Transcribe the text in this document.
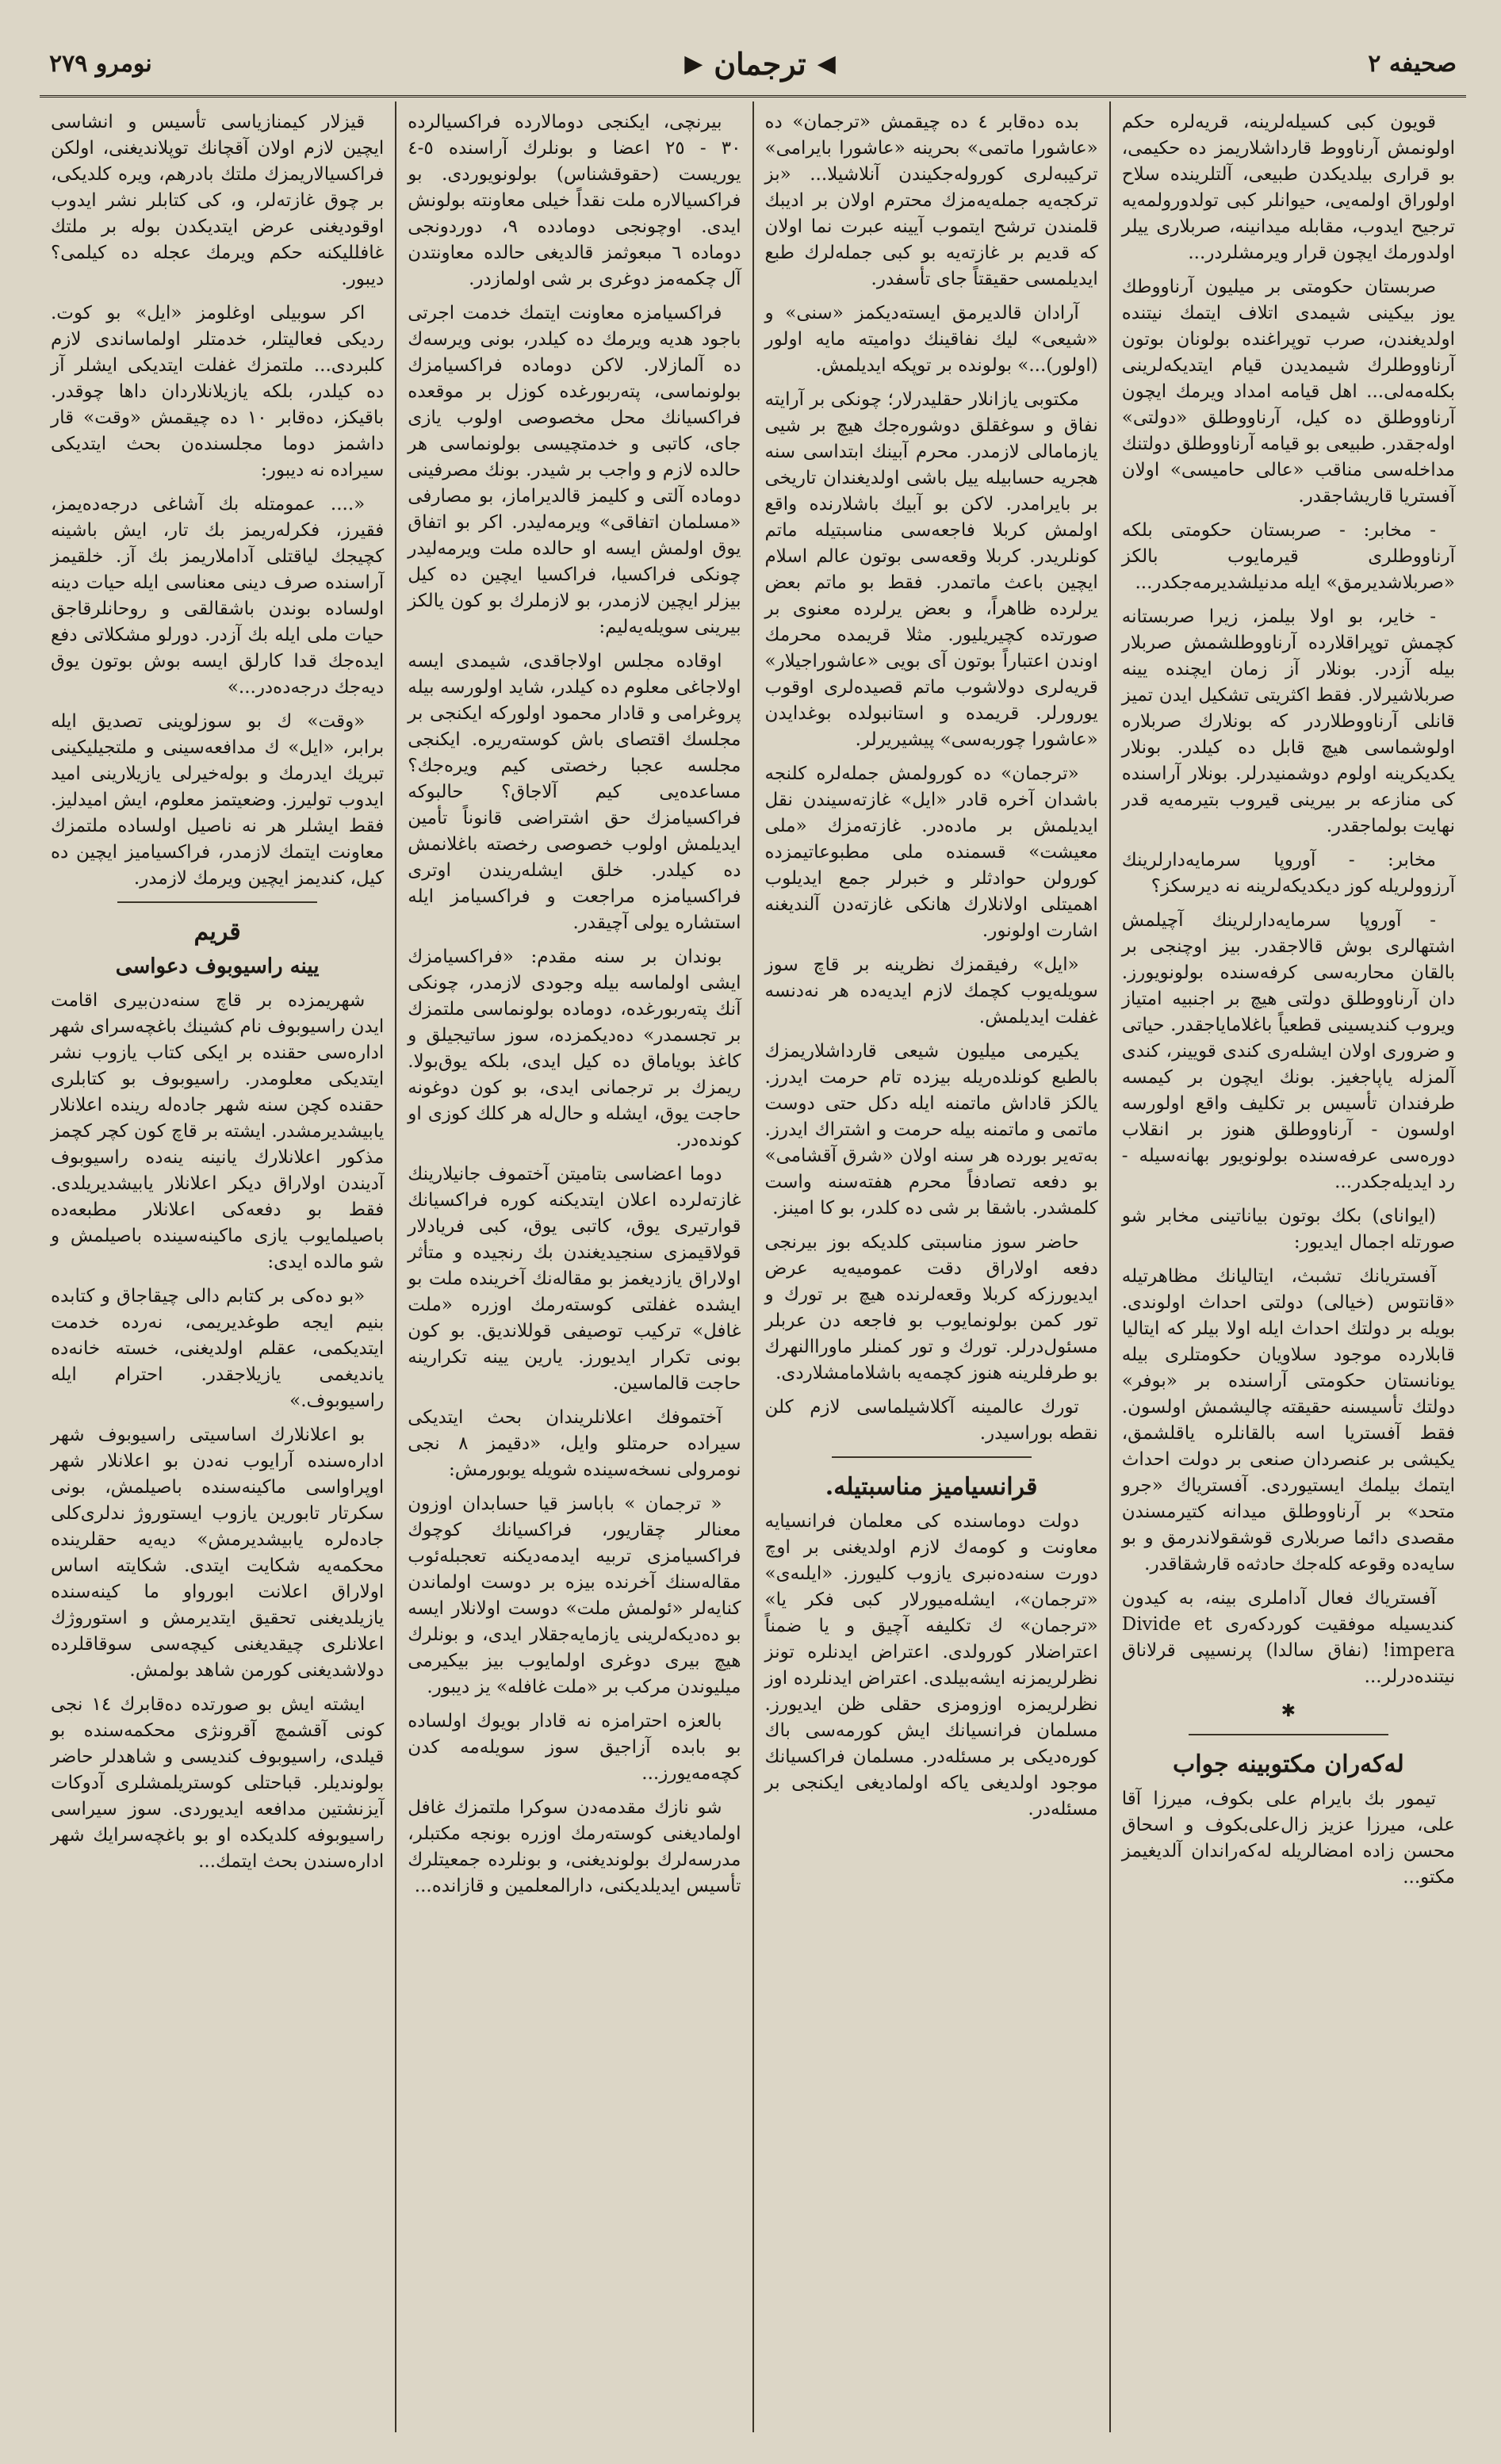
صحيفه ٢
◀
ترجمان
▶
نومرو ٢٧٩

قويون كبى كسيله‌لرينه، قريه‌لره حكم اولونمش آرناووط قارداشلاريمز ده حكيمى، بو قرارى بيلديكدن طبيعى، آلتلرينده سلاح اولوراق اولمه‌يى، حيوانلر كبى تولدورولمه‌يه ترجيح ايدوب، مقابله ميدانينه، صربلارى ييلر اولدورمك ايچون قرار ويرمشلردر...

صربستان حكومتى بر ميليون آرناووطك يوز بيكينى شيمدى اتلاف ايتمك نيتنده اولديغندن، صرب توپراغنده بولونان بوتون آرناووطلرك شيمديدن قيام ايتديكه‌لرينى بكله‌مه‌لى... اهل قيامه امداد ويرمك ايچون آرناووطلق ده كيل، آرناووطلق «دولتى» اوله‌جقدر. طبيعى بو قيامه آرناووطلق دولتنك مداخله‌سى مناقب «عالى حاميسى» اولان آفستريا قاريشاجقدر.

- مخابر: - صربستان حكومتى بلكه آرناووطلرى قيرمايوب بالكز «صربلاشديرمق» ايله مدنيلشديرمه‌جكدر...

- خاير، بو اولا بيلمز، زيرا صربستانه كچمش توپراقلارده آرناووطلشمش صربلار بيله آزدر. بونلار آز زمان ايچنده يينه صربلاشيرلار. فقط اكثريتى تشكيل ايدن تميز قانلى آرناووطلاردر كه بونلارك صربلاره اولوشماسى هيچ قابل ده كيلدر. بونلار يكديكرينه اولوم دوشمنيدرلر. بونلار آراسنده كى منازعه بر بيرينى قيروب بتيرمه‌يه قدر نهايت بولماجقدر.

مخابر: - آوروپا سرمايه‌دارلرينك آرزوولريله كوز ديكديكه‌لرينه نه ديرسكز؟

- آوروپا سرمايه‌دارلرينك آچيلمش اشتهالرى بوش قالاجقدر. بيز اوچنجى بر بالقان محاربه‌سى كرفه‌سنده بولونويورز. دان آرناووطلق دولتى هيچ بر اجنبيه امتياز ويروب كنديسينى قطعياً باغلاماياجقدر. حياتى و ضرورى اولان ايشله‌رى كندى قويينر، كندى آلمزله ياپاجغيز. بونك ايچون بر كيمسه طرفندان تأسيس بر تكليف واقع اولورسه اولسون - آرناووطلق هنوز بر انقلاب دوره‌سى عرفه‌سنده بولونويور بهانه‌سيله - رد ايديله‌جكدر...

(ايواناى) بكك بوتون بياناتينى مخابر شو صورتله اجمال ايديور:

آفستريانك تشبث، ايتاليانك مظاهرتيله «قانتوس (خيالى) دولتى احداث اولوندى. بويله بر دولتك احداث ايله اولا بيلر كه ايتاليا قابلارده موجود سلاويان حكومتلرى بيله يونانستان حكومتى آراسنده بر «بوفر» دولتك تأسيسنه حقيقته چاليشمش اولسون. فقط آفستريا اسه بالقانلره ياقلشمق، يكيشى بر عنصردان صنعى بر دولت احداث ايتمك بيلمك ايستيوردى. آفسترياك «جرو متحد» بر آرناووطلق ميدانه كتيرمسندن مقصدى دائما صربلارى قوشقولاندرمق و بو سايه‌ده وقوعه كله‌جك حادثه‌ه قارشقاقدر.

آفسترياك فعال آداملرى بينه، به كيدون كنديسيله موفقيت كوردكه‌رى Divide et impera! (نفاق سالدا) پرنسيپى قرلاناق نيتنده‌درلر...

✱
له‌كه‌ران مكتوبينه جواب

تيمور بك بايرام على بكوف، ميرزا آقا على، ميرزا عزيز زال‌على‌بكوف و اسحاق محسن زاده امضالريله له‌كه‌راندان آلديغيمز مكتو...

بده ده‌قابر ٤ ده چيقمش «ترجمان» ده «عاشورا ماتمى» بحرينه «عاشورا بايرامى» تركيبه‌لرى كوروله‌جكيندن آنلاشيلا... «بز تركجه‌يه جمله‌يه‌مزك محترم اولان بر اديبك قلمندن ترشح ايتموب آيينه عبرت نما اولان كه قديم بر غازته‌يه بو كبى جمله‌لرك طبع ايديلمسى حقيقتاً جاى تأسفدر.

آرادان قالديرمق ايسته‌ديكمز «سنى» و «شيعى» ليك نفاقينك دواميته مايه اولور (اولور)...» بولونده بر توپكه ايديلمش.

مكتوبى يازانلار حقليدرلار؛ چونكى بر آرايته نفاق و سوغقلق دوشوره‌جك هيچ بر شيى يازمامالى لازمدر. محرم آبينك ابتداسى سنه هجريه حسابيله ييل باشى اولديغندان تاريخى بر بايرامدر. لاكن بو آبيك باشلارنده واقع اولمش كربلا فاجعه‌سى مناسبتيله ماتم كونلريدر. كربلا وقعه‌سى بوتون عالم اسلام ايچين باعث ماتمدر. فقط بو ماتم بعض يرلرده ظاهراً، و بعض يرلرده معنوى بر صورتده كچيريليور. مثلا قريمده محرمك اوندن اعتباراً بوتون آى بويى «عاشوراجيلار» قريه‌لرى دولاشوب ماتم قصيده‌لرى اوقوب يورورلر. قريمده و استانبولده بوغدايدن «عاشورا چوربه‌سى» پيشيريرلر.

«ترجمان» ده كورولمش جمله‌لره كلنجه باشدان آخره قادر «ايل» غازته‌سيندن نقل ايديلمش بر ماده‌در. غازته‌مزك «ملى معيشت» قسمنده ملى مطبوعاتيمزده كورولن حوادثلر و خبرلر جمع ايديلوب اهميتلى اولانلارك هانكى غازته‌دن آلنديغنه اشارت اولونور.

«ايل» رفيقمزك نظرينه بر قاچ سوز سويله‌يوب كچمك لازم ايديه‌ده هر نه‌دنسه غفلت ايديلمش.

يكيرمى ميليون شيعى قارداشلاريمزك بالطبع كونلده‌ريله بيزده تام حرمت ايدرز. يالكز قاداش ماتمنه ايله دكل حتى دوست ماتمى و ماتمنه بيله حرمت و اشتراك ايدرز. به‌ته‌ير بورده هر سنه اولان «شرق آقشامى» بو دفعه تصادفاً محرم هفته‌سنه واست كلمشدر. باشقا بر شى ده كلدر، بو كا امينز.

حاضر سوز مناسبتى كلديكه بوز بيرنجى دفعه اولاراق دقت عموميه‌يه عرض ايديورزكه كربلا وقعه‌لرنده هيچ بر تورك و تور كمن بولونمايوب بو فاجعه دن عربلر مسئول‌درلر. تورك و تور كمنلر ماوراالنهرك بو طرفلرينه هنوز كچمه‌يه باشلامامشلاردى.

تورك عالمينه آكلاشيلماسى لازم كلن نقطه بوراسيدر.

قرانسياميز مناسبتيله.

دولت دوماسنده كى معلمان فرانسيايه معاونت و كومه‌ك لازم اولديغنى بر اوچ دورت سنه‌ده‌نبرى يازوب كليورز. «ايلىه‌ى» «ترجمان»، ايشله‌ميورلار كبى فكر يا» «ترجمان» ك تكليفه آچيق و يا ضمناً اعتراضلار كورولدى. اعتراض ايدنلره تونز نظرلريمزنه ايشه‌بيلدى. اعتراض ايدنلرده اوز نظرلريمزه اوزومزى حقلى ظن ايديورز. مسلمان فرانسيانك ايش كورمه‌سى باك كوره‌ديكى بر مسئله‌در. مسلمان فراكسيانك موجود اولديغى ياكه اولماديغى ايكنجى بر مسئله‌در.

بيرنچى، ايكنجى دومالارده فراكسيالرده ٣٠ - ٢٥ اعضا و بونلرك آراسنده ٥-٤ يوريست (حقوقشناس) بولونويوردى. بو فراكسيالاره ملت نقداً خيلى معاونته بولونش ايدى. اوچونجى دومادده ٩، دوردونجى دوماده ٦ مبعوثمز قالديغى حالده معاونتدن آل چكمه‌مز دوغرى بر شى اولمازدر.

فراكسيامزه معاونت ايتمك خدمت اجرتى باجود هديه ويرمك ده كيلدر، بونى ويرسه‌ك ده آلمازلار. لاكن دوماده فراكسيامزك بولونماسى، پته‌ربورغده كوزل بر موقعده فراكسيانك محل مخصوصى اولوب يازى جاى، كاتبى و خدمتچيسى بولونماسى هر حالده لازم و واجب بر شيدر. بونك مصرفينى دوماده آلتى و كليمز قالديراماز، بو مصارفى «مسلمان اتفاقى» ويرمه‌ليدر. اكر بو اتفاق يوق اولمش ايسه او حالده ملت ويرمه‌ليدر چونكى فراكسيا، فراكسيا ايچين ده كيل بيزلر ايچين لازمدر، بو لازملرك بو كون يالكز بيرينى سويله‌يه‌ليم:

اوقاده مجلس اولاجاقدى، شيمدى ايسه اولاجاغى معلوم ده كيلدر، شايد اولورسه بيله پروغرامى و قادار محمود اولوركه ايكنجى بر مجلسك اقتصاى باش كوسته‌ريره. ايكنجى مجلسه عجبا رخصتى كيم ويره‌جك؟ مساعده‌يى كيم آلاجاق؟ حالبوكه فراكسيامزك حق اشتراضى قانوناً تأمين ايديلمش اولوب خصوصى رخصته باغلانمش ده كيلدر. خلق ايشله‌ريندن اوترى فراكسيامزه مراجعت و فراكسيامز ايله استشاره يولى آچيقدر.

بوندان بر سنه مقدم: «فراكسيامزك ايشى اولماسه بيله وجودى لازمدر، چونكى آنك پته‌ربورغده، دوماده بولونماسى ملتمزك بر تجسمدر» ده‌ديكمزده، سوز ساتيجيلق و كاغذ بوياماق ده كيل ايدى، بلكه يوق‌بولا. ريمزك بر ترجمانى ايدى، بو كون دوغونه حاجت يوق، ايشله و حال‌له هر كلك كوزى او كونده‌در.

دوما اعضاسى بتاميتن آختموف جانيلارينك غازته‌لرده اعلان ايتديكنه كوره فراكسيانك قوارتيرى يوق، كاتبى يوق، كبى فريادلار قولاقيمزى سنجيديغندن بك رنجيده و متأثر اولاراق يازديغمز بو مقاله‌نك آخرينده ملت بو ايشده غفلتى كوسته‌رمك اوزره «ملت غافل» تركيب توصيفى قوللانديق. بو كون بونى تكرار ايديورز. يارين يينه تكرارينه حاجت قالماسين.

آختموفك اعلانلريندان بحث ايتديكى سيراده حرمتلو وايل، «دقيمز ٨ نجى نومرولى نسخه‌سينده شويله يوبورمش:

« ترجمان » باباسز قيا حسابدان اوزون معنالر چقاريور، فراكسيانك كوچوك فراكسيامزى تربيه ايدمه‌ديكنه تعجبله‌ئوب مقاله‌سنك آخرنده بيزه بر دوست اولماندن كنايه‌لر «ئولمش ملت» دوست اولانلار ايسه بو ده‌ديكه‌لرينى يازمايه‌جقلار ايدى، و بونلرك هيچ بيرى دوغرى اولمايوب بيز بيكيرمى ميليوندن مركب بر «ملت غافله» يز ديبور.

بالعزه احترامزه نه قادار بويوك اولساده بو بابده آزاجيق سوز سويله‌مه كدن كچه‌مه‌يورز...

شو نازك مقدمه‌دن سوكرا ملتمزك غافل اولماديغنى كوسته‌رمك اوزره بونجه مكتبلر، مدرسه‌لرك بولونديغنى، و بونلرده جمعيتلرك تأسيس ايديلديكنى، دارالمعلمين و قازانده...

قيزلار كيمنازياسى تأسيس و انشاسى ايچين لازم اولان آقچانك توپلانديغنى، اولكن فراكسيالاريمزك ملتك بادرهم، ويره كلديكى، بر چوق غازته‌لر، و، كى كتابلر نشر ايدوب اوقوديغنى عرض ايتديكدن بوله بر ملتك غافلليكنه حكم ويرمك عجله ده كيلمى؟ ديبور.

اكر سوبيلى اوغلومز «ايل» بو كوت. رديكى فعاليتلر، خدمتلر اولماساندى لازم كلبردى... ملتمزك غفلت ايتديكى ايشلر آز ده كيلدر، بلكه يازيلانلاردان داها چوقدر. باقيكز، ده‌قابر ١٠ ده چيقمش «وقت» قار داشمز دوما مجلسنده‌ن بحث ايتديكى سيراده نه ديبور:

«.... عمومتله بك آشاغى درجه‌ده‌يمز، فقيرز، فكرله‌ريمز بك تار، ايش باشينه كچيجك لياقتلى آداملاريمز بك آز. خلقيمز آراسنده صرف دينى معناسى ايله حيات دينه اولساده بوندن باشقالقى و روحانلرقاجق حيات ملى ايله بك آزدر. دورلو مشكلاتى دفع ايده‌جك قدا كارلق ايسه بوش بوتون يوق ديه‌جك درجه‌ده‌در...»

«وقت» ك بو سوزلوينى تصديق ايله برابر، «ايل» ك مدافعه‌سينى و ملتجيليكينى تبريك ايدرمك و بوله‌خيرلى يازيلارينى اميد ايدوب توليرز. وضعيتمز معلوم، ايش اميدليز. فقط ايشلر هر نه ناصيل اولساده ملتمزك معاونت ايتمك لازمدر، فراكسياميز ايچين ده كيل، كنديمز ايچين ويرمك لازمدر.

قريم
يينه راسيوبوف دعواسى

شهريمزده بر قاچ سنه‌دن‌بيرى اقامت ايدن راسيوبوف نام كشينك باغچه‌سراى شهر اداره‌سى حقنده بر ايكى كتاب يازوب نشر ايتديكى معلومدر. راسيوبوف بو كتابلرى حقنده كچن سنه شهر جاده‌له رينده اعلانلار يابيشديرمشدر. ايشته بر قاچ كون كچر كچمز مذكور اعلانلارك يانينه ينه‌ده راسيوبوف آديندن اولاراق ديكر اعلانلار يابيشديريلدى. فقط بو دفعه‌كى اعلانلار مطبعه‌ده باصيلمايوب يازى ماكينه‌سينده باصيلمش و شو مالده ايدى:

«بو ده‌كى بر كتابم دالى چيقاجاق و كتابده بنيم ايجه طوغديريمى، نه‌رده خدمت ايتديكمى، عقلم اولديغنى، خسته خانه‌ده يانديغمى يازيلاجقدر. احترام ايله راسيوبوف.»

بو اعلانلارك اساسيتى راسيوبوف شهر اداره‌سنده آرايوب نه‌دن بو اعلانلار شهر اوپراواسى ماكينه‌سنده باصيلمش، بونى سكرتار تابورين يازوب ايستوروژ ندلرى‌كلى جاده‌لره يابيشديرمش» ديه‌يه حقلرينده محكمه‌يه شكايت ايتدى. شكايته اساس اولاراق اعلانت ابورواو ما كينه‌سنده يازيلديغنى تحقيق ايتديرمش و استوروژك اعلانلرى چيقديغنى كيچه‌سى سوقاقلرده دولاشديغنى كورمن شاهد بولمش.

ايشته ايش بو صورتده ده‌قابرك ١٤ نجى كونى آقشمچ آقرونژى محكمه‌سنده بو قيلدى، راسيوبوف كنديسى و شاهدلر حاضر بولونديلر. قباحتلى كوستريلمشلرى آدوكات آيزنشتين مدافعه ايديوردى. سوز سيراسى راسيوبوفه كلديكده او بو باغچه‌سرايك شهر اداره‌سندن بحث ايتمك...
